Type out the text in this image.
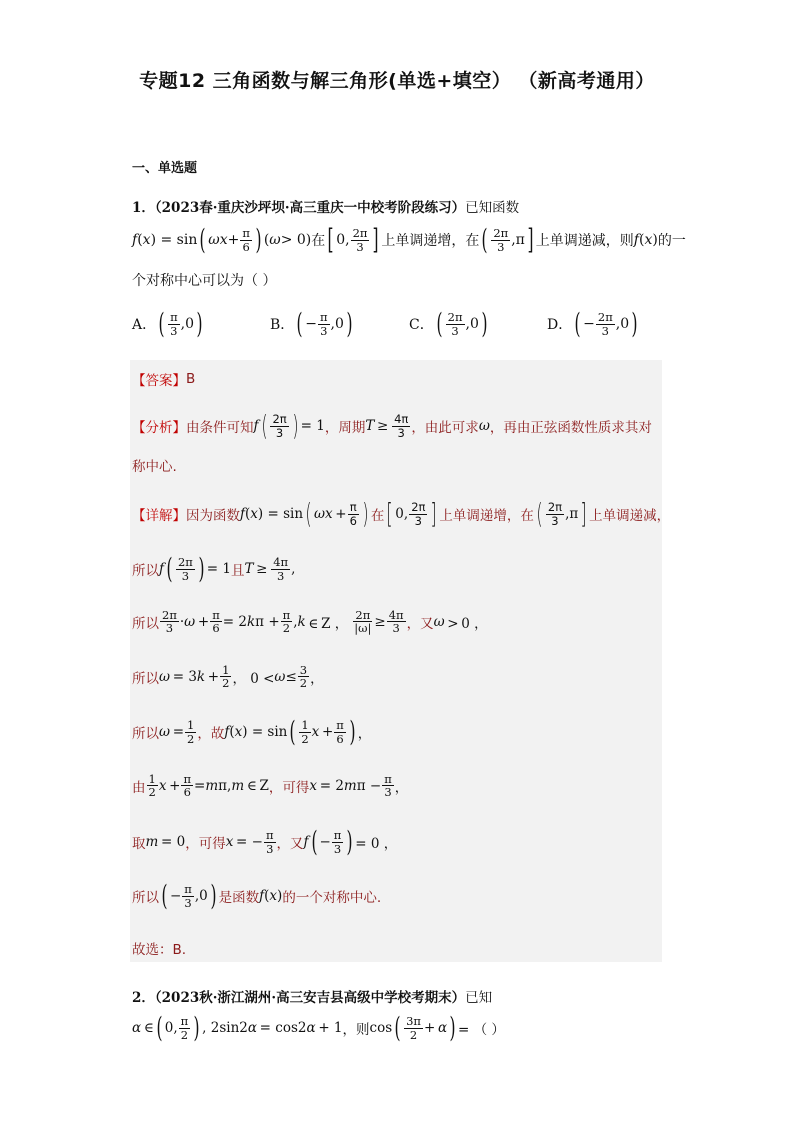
专题12 三角函数与解三角形(单选+填空） （新高考通用）
一、单选题
1．（2023春·重庆沙坪坝·高三重庆一中校考阶段练习）已知函数
f ( x ) = sin ( $\omega x + \frac{\pi}{6}$ ) ( ω > 0) 在 [ 0, $\frac{2\pi}{3}$ ] 上单调递增，在 ( $\frac{2\pi}{3} ,\pi$ ] 上单调递减，则 f ( x ) 的一
个对称中心可以为（ ）
A． ( $\frac{\pi}{3} ,0$ )	B． ( − $\frac{\pi}{3} ,0$ )	C． ( $\frac{2\pi}{3} ,0$ )	D． ( − $\frac{2\pi}{3} ,0$ )
【答案】 B
【分析】 由条件可知 f ( $\frac{2\pi}{3}$ ) = 1 ，周期 $T \ge \frac{4\pi}{3}$ ，由此可求 ω ，再由正弦函数性质求其对
称中心.
【详解】 因为函数 f(x) = sin ( $\omega x + \frac{\pi}{6}$ ) 在 [ 0, $\frac{2\pi}{3}$ ] 上单调递增，在 ( $\frac{2\pi}{3} ,\pi$ ] 上单调递减，
所以 f ( $\frac{2\pi}{3}$ ) = 1 且 $T \ge \frac{4\pi}{3}$ ,
所以 $\frac{2\pi}{3} \cdot \omega + \frac{\pi}{6} = 2$ k $\pi + \frac{\pi}{2}$ , k  ∈ Z ， $\frac{2\pi}{|\omega|} \ge \frac{4\pi}{3}$ ，又 ω  > 0 ，
所以 ω  = 3 $k + \frac{1}{2}$ ， $0 < \omega \le \frac{3}{2}$ ，
所以 $\omega = \frac{1}{2}$ ，故 f ( x ) = sin ( $\frac{1}{2}$ $x + \frac{\pi}{6}$ ) ，
由 $\frac{1}{2}$ $x + \frac{\pi}{6} = m$ π, m  ∈ Z ，可得 x  = 2 m $\pi - \frac{\pi}{3}$ ，
取 m  = 0 ，可得 x  = − $\frac{\pi}{3}$ ，又 f ( − $\frac{\pi}{3}$ ) = 0 ，
所以 ( − $\frac{\pi}{3} ,0$ ) 是函数 f ( x ) 的一个对称中心.
故选：B.
2．（2023秋·浙江湖州·高三安吉县高级中学校考期末）已知
α  ∈ ( 0, $\frac{\pi}{2}$ ) , 2sin2 α  = cos2 α  + 1 ，则 cos ( $\frac{3\pi}{2} + \alpha$ ) = （ ）
